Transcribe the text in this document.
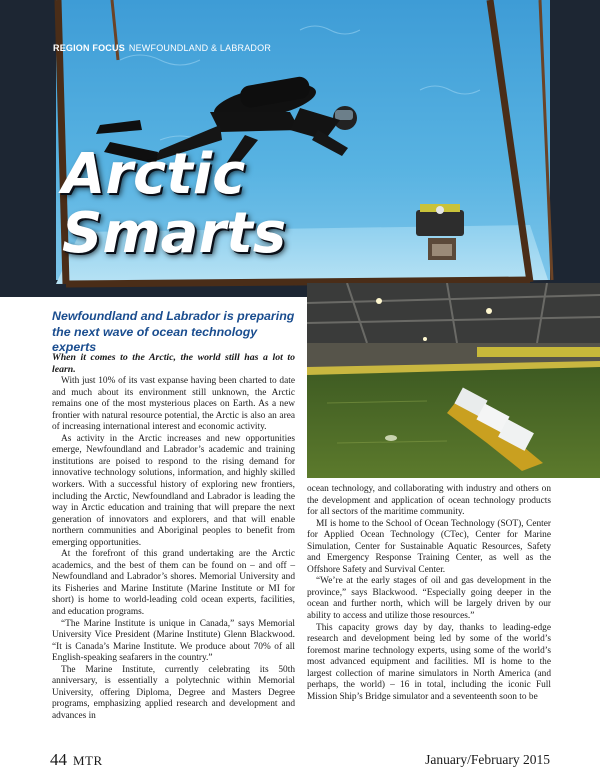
REGION FOCUS NEWFOUNDLAND & LABRADOR
Arctic
Smarts
Newfoundland and Labrador is preparing the next wave of ocean technology experts

When it comes to the Arctic, the world still has a lot to learn.

With just 10% of its vast expanse having been charted to date and much about its environment still unknown, the Arctic remains one of the most mysterious places on Earth. As a new frontier with natural resource potential, the Arctic is also an area of increasing international interest and economic activity.

As activity in the Arctic increases and new opportunities emerge, Newfoundland and Labrador’s academic and training institutions are poised to respond to the rising demand for innovative technology solutions, information, and highly skilled workers. With a successful history of exploring new frontiers, including the Arctic, Newfoundland and Labrador is leading the way in Arctic education and training that will prepare the next generation of innovators and explorers, and that will enable northern communities and Aboriginal peoples to benefit from emerging opportunities.

At the forefront of this grand undertaking are the Arctic academics, and the best of them can be found on – and off – Newfoundland and Labrador’s shores. Memorial University and its Fisheries and Marine Institute (Marine Institute or MI for short) is home to world-leading cold ocean experts, facilities, and education programs.

“The Marine Institute is unique in Canada,” says Memorial University Vice President (Marine Institute) Glenn Blackwood. “It is Canada’s Marine Institute. We produce about 70% of all English-speaking seafarers in the country.”

The Marine Institute, currently celebrating its 50th anniversary, is essentially a polytechnic within Memorial University, offering Diploma, Degree and Masters Degree programs, emphasizing applied research and development and advances in

ocean technology, and collaborating with industry and others on the development and application of ocean technology products for all sectors of the maritime community.

MI is home to the School of Ocean Technology (SOT), Center for Applied Ocean Technology (CTec), Center for Marine Simulation, Center for Sustainable Aquatic Resources, Safety and Emergency Response Training Center, as well as the Offshore Safety and Survival Center.

“We’re at the early stages of oil and gas development in the province,” says Blackwood. “Especially going deeper in the ocean and further north, which will be largely driven by our ability to access and utilize those resources.”

This capacity grows day by day, thanks to leading-edge research and development being led by some of the world’s foremost marine technology experts, using some of the world’s most advanced equipment and facilities. MI is home to the largest collection of marine simulators in North America (and perhaps, the world) – 16 in total, including the iconic Full Mission Ship’s Bridge simulator and a seventeenth soon to be

44 MTR	January/February 2015
